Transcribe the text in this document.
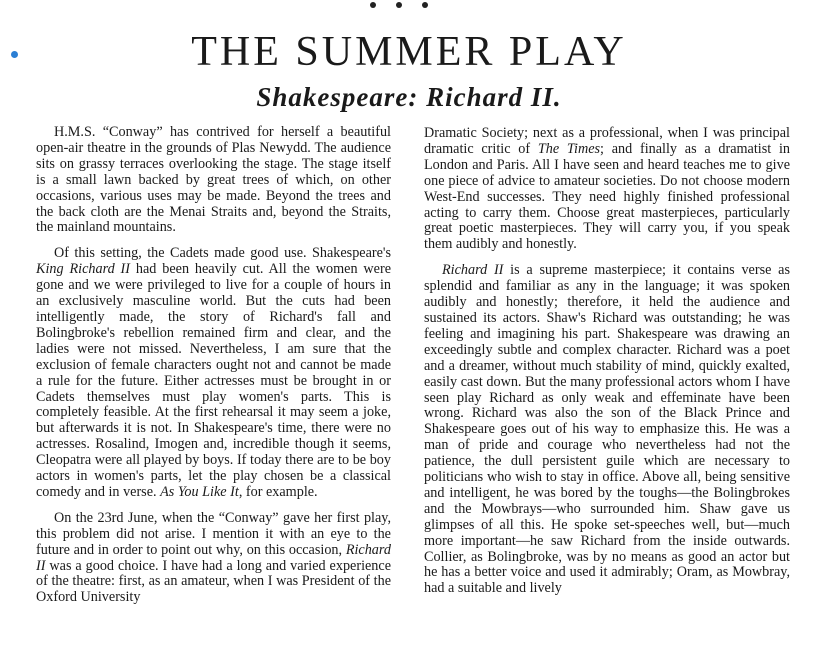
THE SUMMER PLAY
Shakespeare: Richard II.

H.M.S. “Conway” has contrived for herself a beautiful open-air theatre in the grounds of Plas Newydd. The audience sits on grassy terraces overlooking the stage. The stage itself is a small lawn backed by great trees of which, on other occasions, various uses may be made. Beyond the trees and the back cloth are the Menai Straits and, beyond the Straits, the mainland mountains.

Of this setting, the Cadets made good use. Shakespeare's King Richard II had been heavily cut. All the women were gone and we were privileged to live for a couple of hours in an exclusively masculine world. But the cuts had been intelligently made, the story of Richard's fall and Bolingbroke's rebellion remained firm and clear, and the ladies were not missed. Nevertheless, I am sure that the exclusion of female characters ought not and cannot be made a rule for the future. Either actresses must be brought in or Cadets themselves must play women's parts. This is completely feasible. At the first rehearsal it may seem a joke, but afterwards it is not. In Shakespeare's time, there were no actresses. Rosalind, Imogen and, incredible though it seems, Cleopatra were all played by boys. If today there are to be boy actors in women's parts, let the play chosen be a classical comedy and in verse. As You Like It, for example.

On the 23rd June, when the “Conway” gave her first play, this problem did not arise. I mention it with an eye to the future and in order to point out why, on this occasion, Richard II was a good choice. I have had a long and varied experience of the theatre: first, as an amateur, when I was President of the Oxford University

Dramatic Society; next as a professional, when I was principal dramatic critic of The Times; and finally as a dramatist in London and Paris. All I have seen and heard teaches me to give one piece of advice to amateur societies. Do not choose modern West-End successes. They need highly finished professional acting to carry them. Choose great masterpieces, particularly great poetic masterpieces. They will carry you, if you speak them audibly and honestly.

Richard II is a supreme masterpiece; it contains verse as splendid and familiar as any in the language; it was spoken audibly and honestly; therefore, it held the audience and sustained its actors. Shaw's Richard was outstanding; he was feeling and imagining his part. Shakespeare was drawing an exceedingly subtle and complex character. Richard was a poet and a dreamer, without much stability of mind, quickly exalted, easily cast down. But the many professional actors whom I have seen play Richard as only weak and effeminate have been wrong. Richard was also the son of the Black Prince and Shakespeare goes out of his way to emphasize this. He was a man of pride and courage who nevertheless had not the patience, the dull persistent guile which are necessary to politicians who wish to stay in office. Above all, being sensitive and intelligent, he was bored by the toughs—the Bolingbrokes and the Mowbrays—who surrounded him. Shaw gave us glimpses of all this. He spoke set-speeches well, but—much more important—he saw Richard from the inside outwards. Collier, as Bolingbroke, was by no means as good an actor but he has a better voice and used it admirably; Oram, as Mowbray, had a suitable and lively
